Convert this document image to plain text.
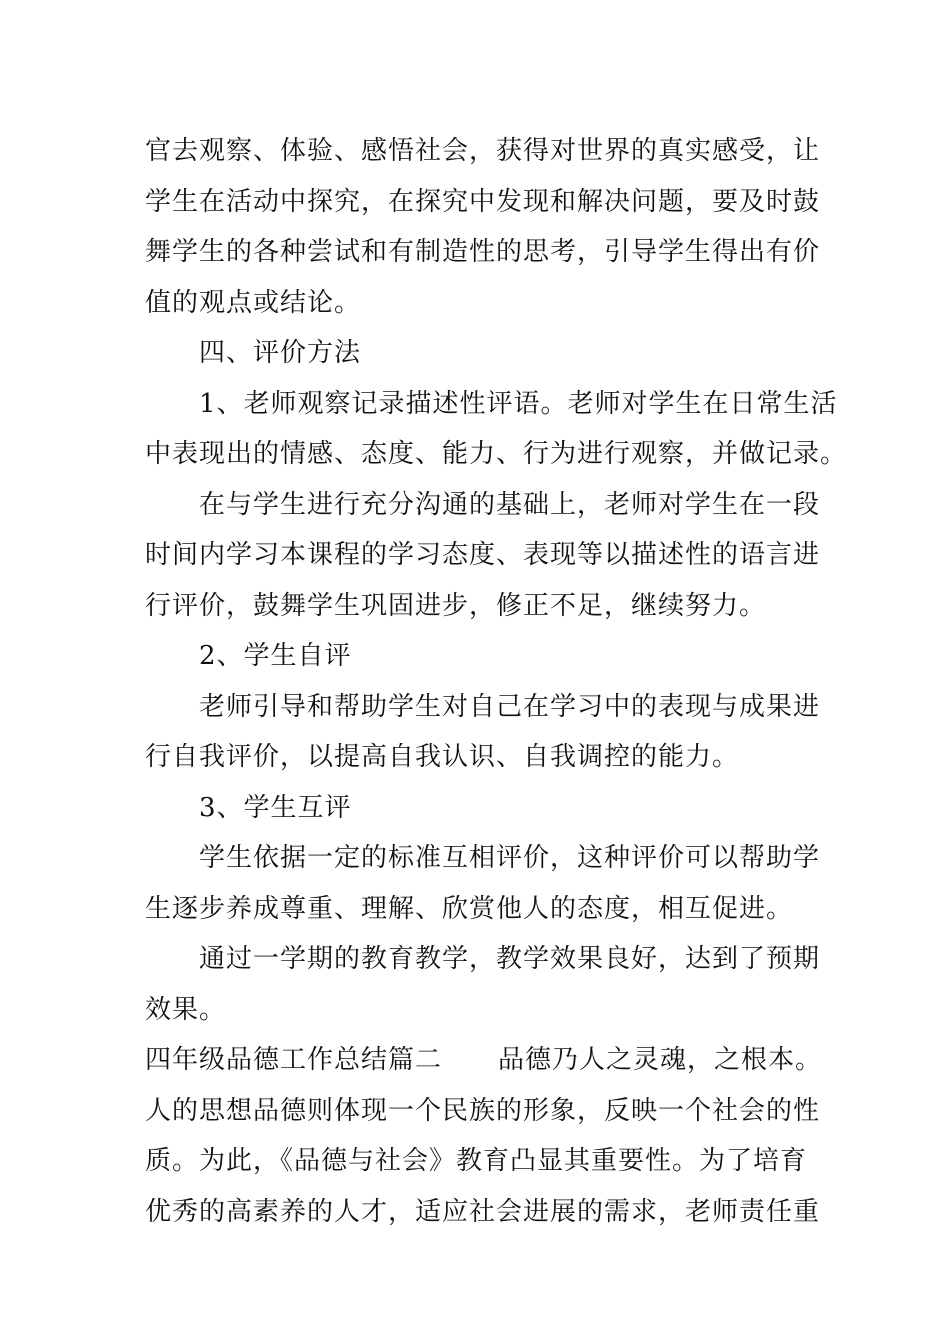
官去观察、体验、感悟社会，获得对世界的真实感受，让
学生在活动中探究，在探究中发现和解决问题，要及时鼓
舞学生的各种尝试和有制造性的思考，引导学生得出有价
值的观点或结论。
四、评价方法
1、老师观察记录描述性评语。老师对学生在日常生活
中表现出的情感、态度、能力、行为进行观察，并做记录。
在与学生进行充分沟通的基础上，老师对学生在一段
时间内学习本课程的学习态度、表现等以描述性的语言进
行评价，鼓舞学生巩固进步，修正不足，继续努力。
2、学生自评
老师引导和帮助学生对自己在学习中的表现与成果进
行自我评价，以提高自我认识、自我调控的能力。
3、学生互评
学生依据一定的标准互相评价，这种评价可以帮助学
生逐步养成尊重、理解、欣赏他人的态度，相互促进。
通过一学期的教育教学，教学效果良好，达到了预期
效果。
四年级品德工作总结篇二 品德乃人之灵魂，之根本。
人的思想品德则体现一个民族的形象，反映一个社会的性
质。为此，《品德与社会》教育凸显其重要性。为了培育
优秀的高素养的人才，适应社会进展的需求，老师责任重
